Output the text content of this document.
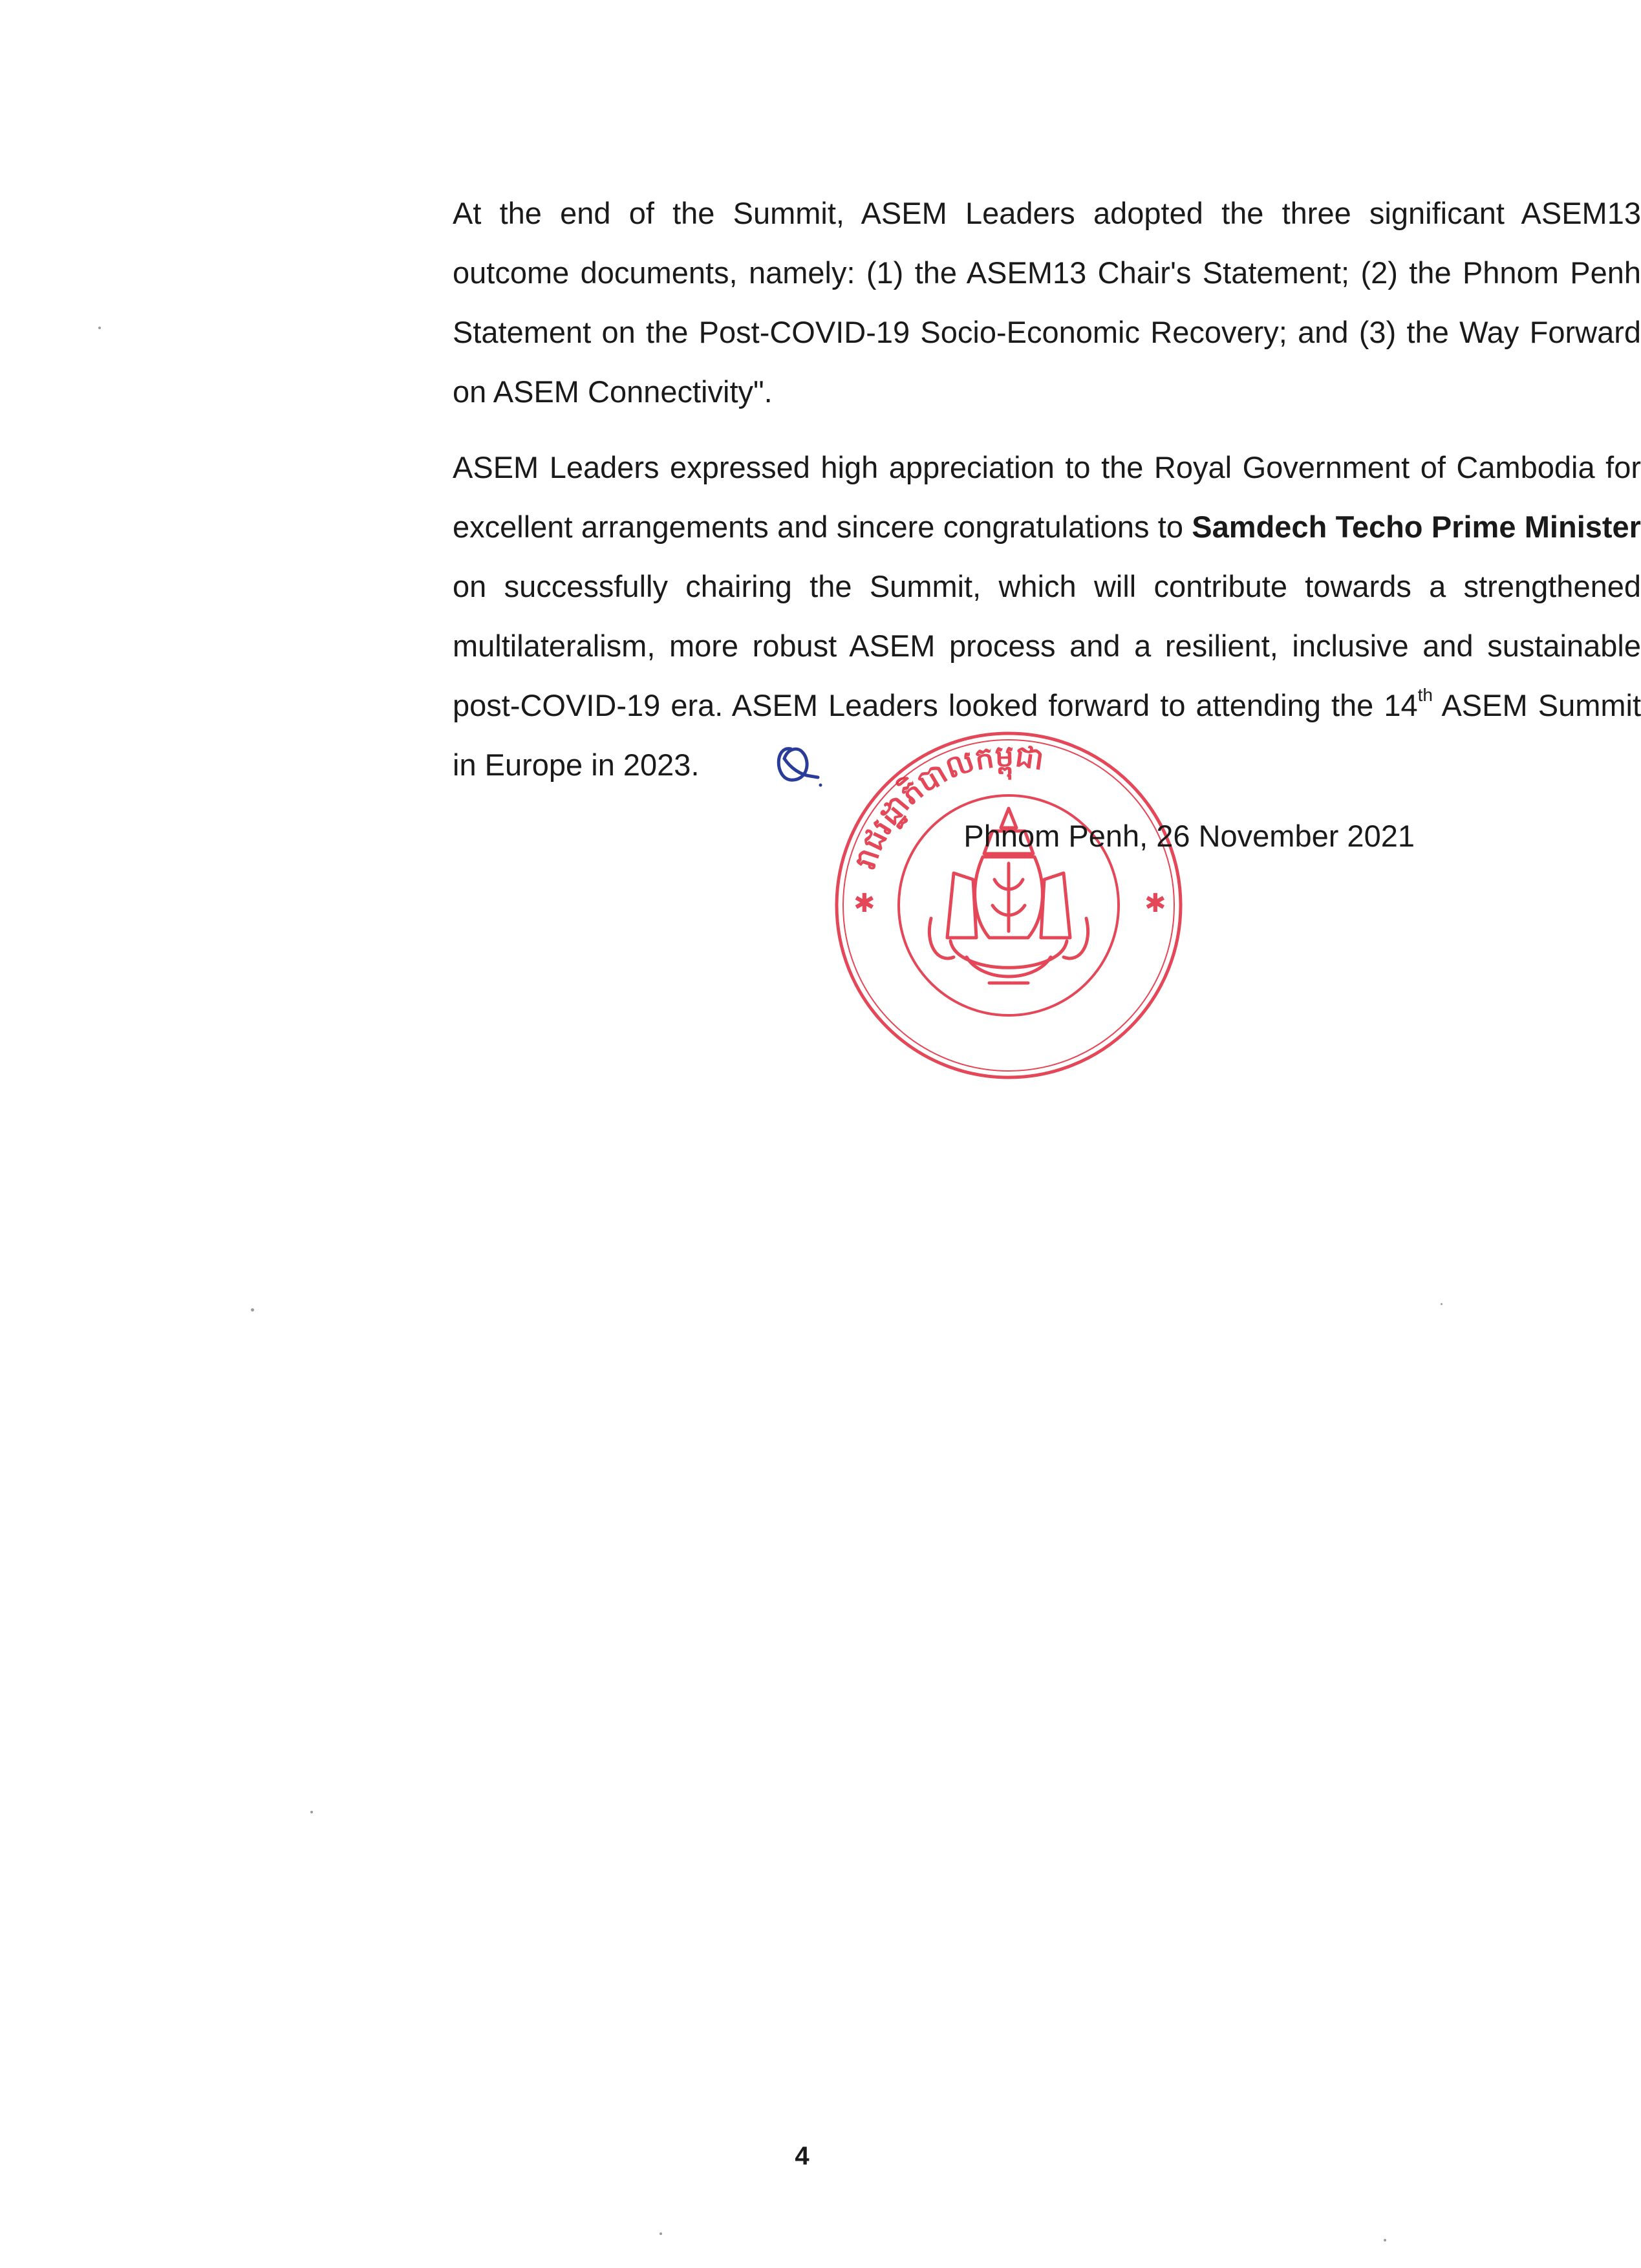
At the end of the Summit, ASEM Leaders adopted the three significant ASEM13 outcome documents, namely: (1) the ASEM13 Chair's Statement; (2) the Phnom Penh Statement on the Post-COVID-19 Socio-Economic Recovery; and (3) the Way Forward on ASEM Connectivity".

ASEM Leaders expressed high appreciation to the Royal Government of Cambodia for excellent arrangements and sincere congratulations to Samdech Techo Prime Minister on successfully chairing the Summit, which will contribute towards a strengthened multilateralism, more robust ASEM process and a resilient, inclusive and sustainable post-COVID-19 era. ASEM Leaders looked forward to attending the 14th ASEM Summit in Europe in 2023.

រាជរដ្ឋាភិបាលកម្ពុជា
✱	✱
Phnom Penh, 26 November 2021
4
